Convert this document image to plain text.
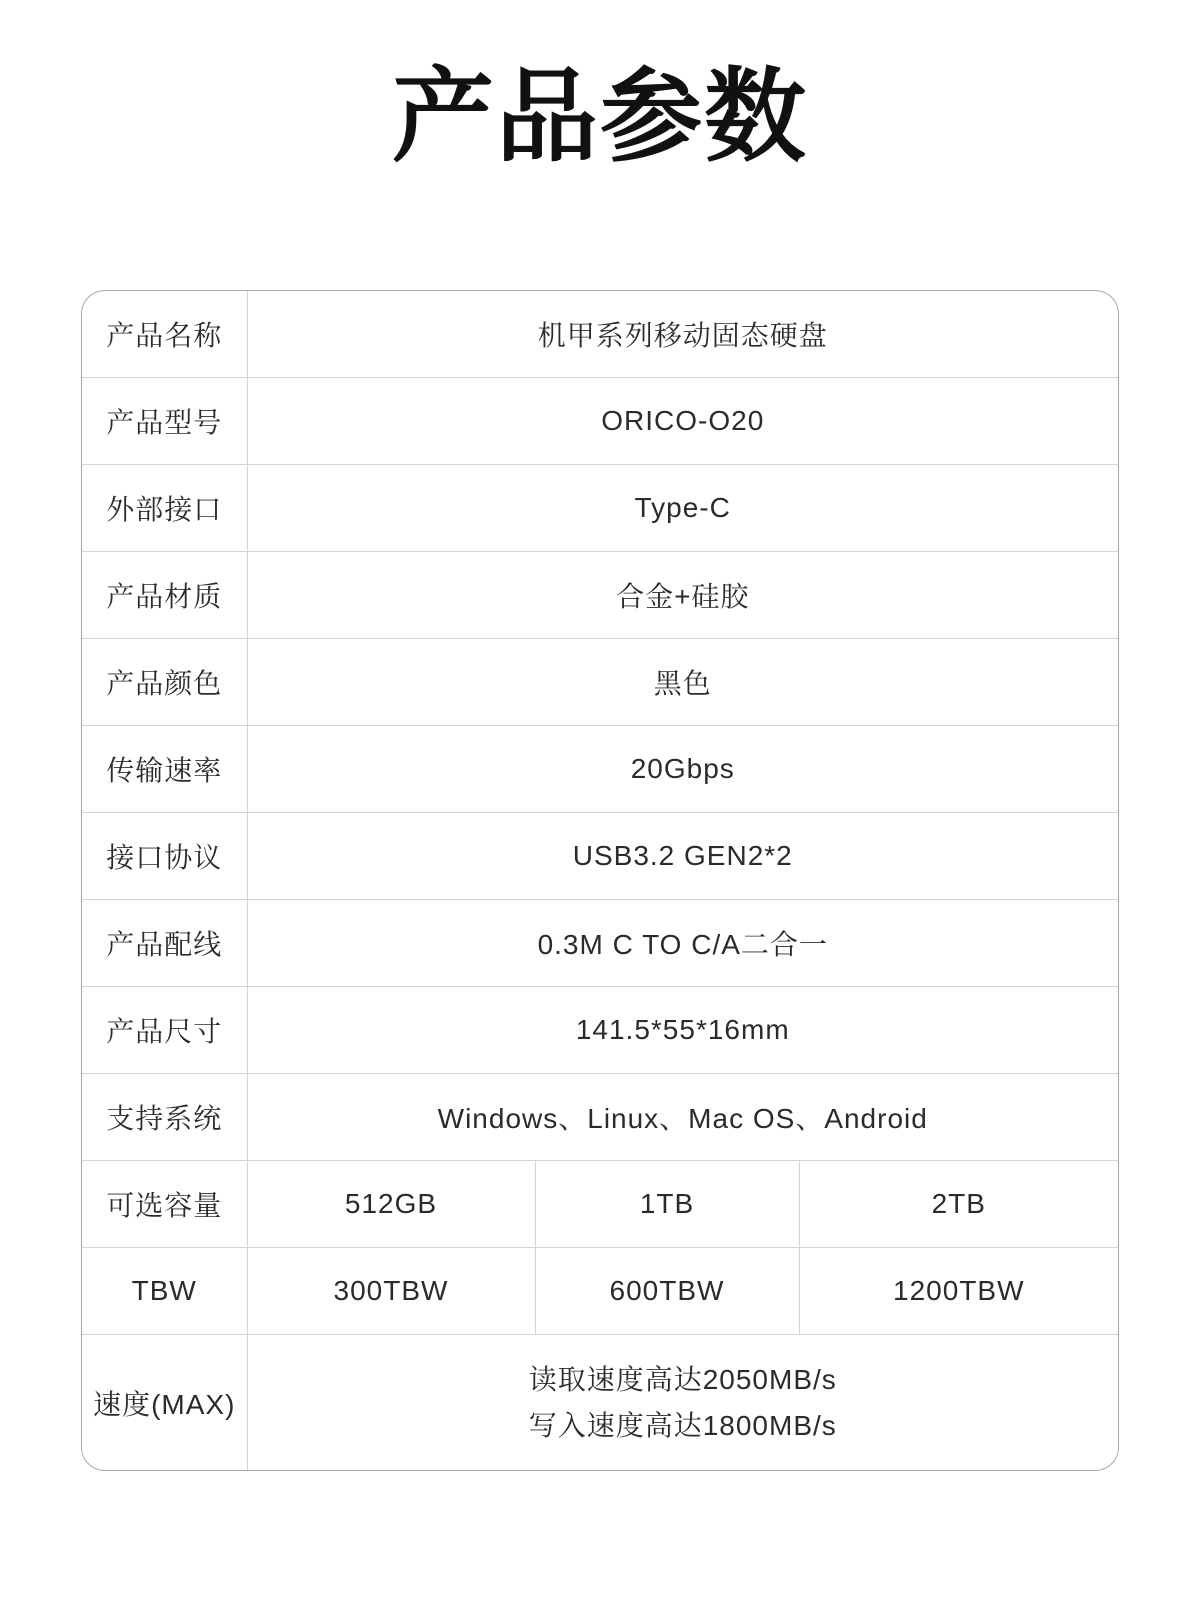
产品参数
产品名称	机甲系列移动固态硬盘		
产品型号	ORICO-O20		
外部接口	Type-C		
产品材质	合金+硅胶		
产品颜色	黑色		
传输速率	20Gbps		
接口协议	USB3.2 GEN2*2		
产品配线	0.3M C TO C/A二合一		
产品尺寸	141.5*55*16mm		
支持系统	Windows、Linux、Mac OS、Android		
可选容量	512GB	1TB	2TB
TBW	300TBW	600TBW	1200TBW
速度(MAX)	读取速度高达2050MB/s
写入速度高达1800MB/s		
